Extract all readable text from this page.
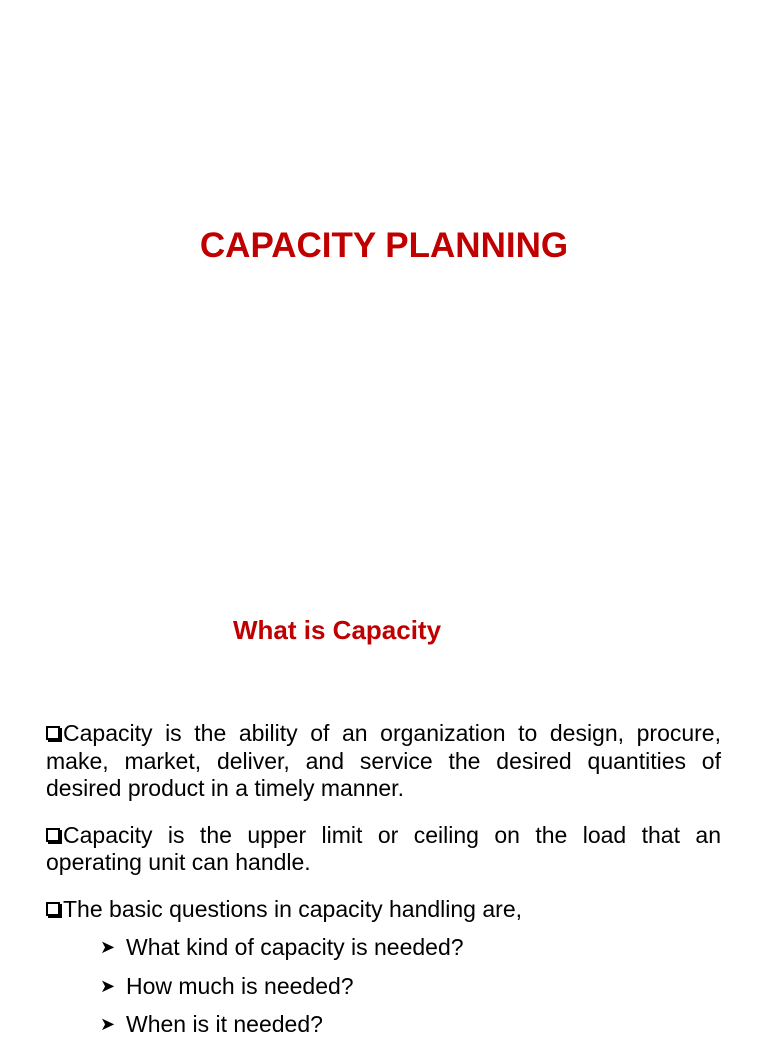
CAPACITY PLANNING
What is Capacity

Capacity is the ability of an organization to design, procure, make, market, deliver, and service the desired quantities of desired product in a timely manner.

Capacity is the upper limit or ceiling on the load that an operating unit can handle.

The basic questions in capacity handling are,

➤ What kind of capacity is needed?
➤ How much is needed?
➤ When is it needed?
